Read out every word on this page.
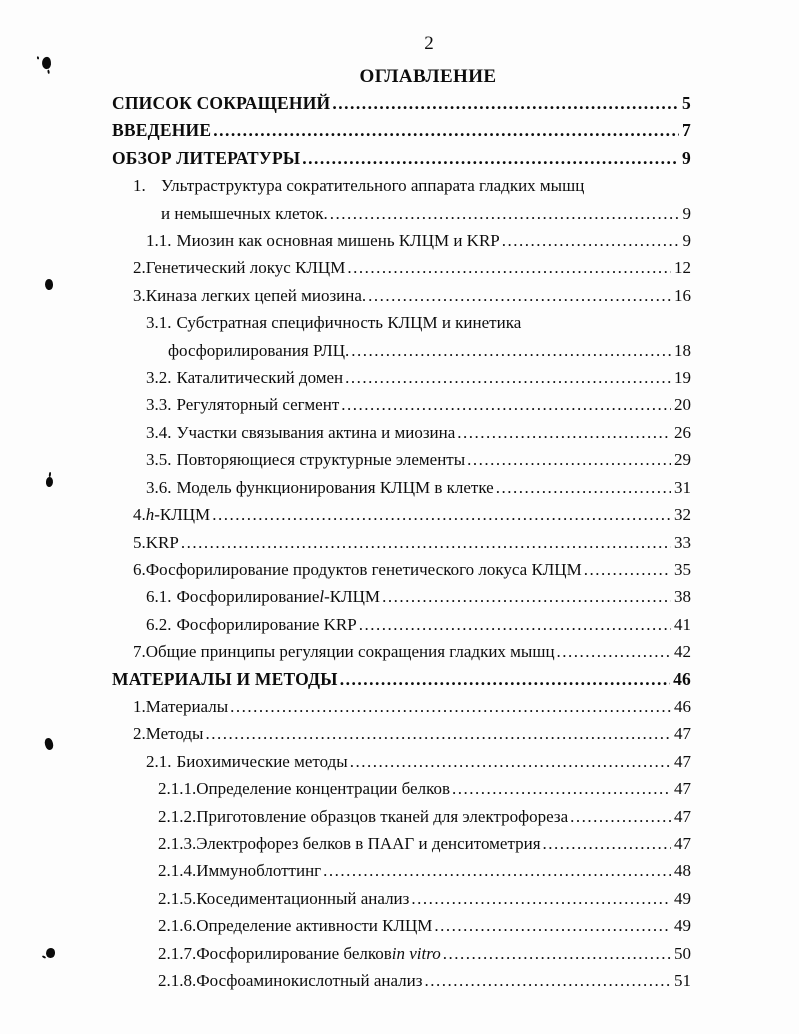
2
ОГЛАВЛЕНИЕ
СПИСОК СОКРАЩЕНИЙ .....	5
ВВЕДЕНИЕ .....	7
ОБЗОР ЛИТЕРАТУРЫ .....	9
1. Ультраструктура сократительного аппарата гладких мышц
и немышечных клеток. .....	9
1.1. Миозин как основная мишень КЛЦМ и KRP .....	9
2. Генетический локус КЛЦМ .....	12
3. Киназа легких цепей миозина. .....	16
3.1. Субстратная специфичность КЛЦМ и кинетика
фосфорилирования РЛЦ. .....	18
3.2. Каталитический домен .....	19
3.3. Регуляторный сегмент .....	20
3.4. Участки связывания актина и миозина .....	26
3.5. Повторяющиеся структурные элементы .....	29
3.6. Модель функционирования КЛЦМ в клетке .....	31
4. h -КЛЦМ .....	32
5. KRP .....	33
6. Фосфорилирование продуктов генетического локуса КЛЦМ .....	35
6.1. Фосфорилирование l -КЛЦМ .....	38
6.2. Фосфорилирование KRP .....	41
7. Общие принципы регуляции сокращения гладких мышц .....	42
МАТЕРИАЛЫ И МЕТОДЫ .....	46
1. Материалы .....	46
2. Методы .....	47
2.1. Биохимические методы .....	47
2.1.1. Определение концентрации белков .....	47
2.1.2. Приготовление образцов тканей для электрофореза .....	47
2.1.3. Электрофорез белков в ПААГ и денситометрия .....	47
2.1.4. Иммуноблоттинг .....	48
2.1.5. Коседиментационный анализ .....	49
2.1.6. Определение активности КЛЦМ .....	49
2.1.7. Фосфорилирование белков in vitro .....	50
2.1.8. Фосфоаминокислотный анализ .....	51
